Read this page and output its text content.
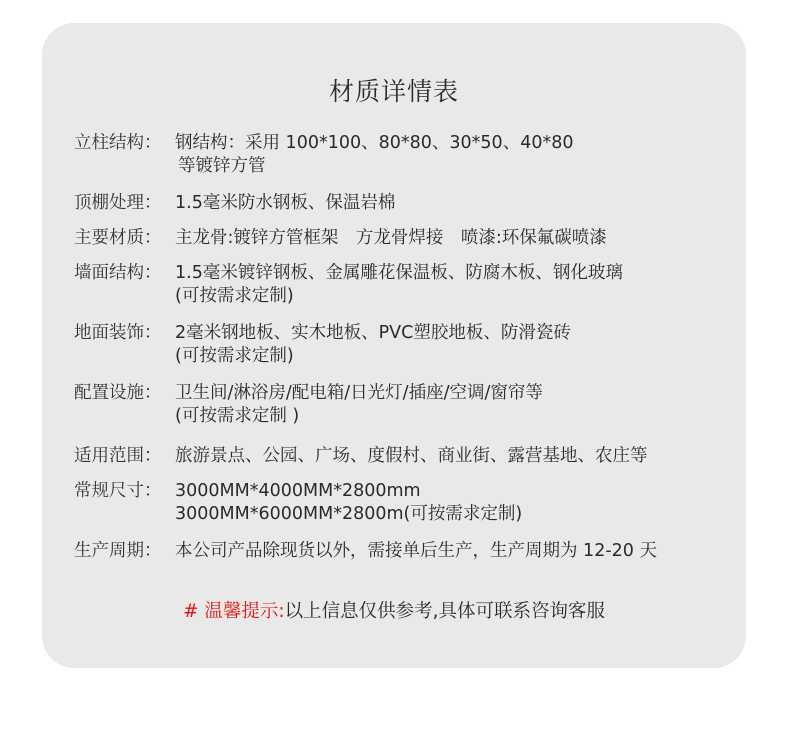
材质详情表
立柱结构： 钢结构：采用 100*100、80*80、30*50、40*80
等镀锌方管
顶棚处理： 1.5毫米防水钢板、保温岩棉
主要材质： 主龙骨:镀锌方管框架　方龙骨焊接　喷漆:环保氟碳喷漆
墙面结构： 1.5毫米镀锌钢板、金属雕花保温板、防腐木板、钢化玻璃
(可按需求定制)
地面装饰： 2毫米钢地板、实木地板、PVC塑胶地板、防滑瓷砖
(可按需求定制)
配置设施： 卫生间/淋浴房/配电箱/日光灯/插座/空调/窗帘等
(可按需求定制 )
适用范围： 旅游景点、公园、广场、度假村、商业街、露营基地、农庄等
常规尺寸： 3000MM*4000MM*2800mm
3000MM*6000MM*2800m(可按需求定制)
生产周期： 本公司产品除现货以外，需接单后生产，生产周期为 12-20 天
# 温馨提示:以上信息仅供参考,具体可联系咨询客服
